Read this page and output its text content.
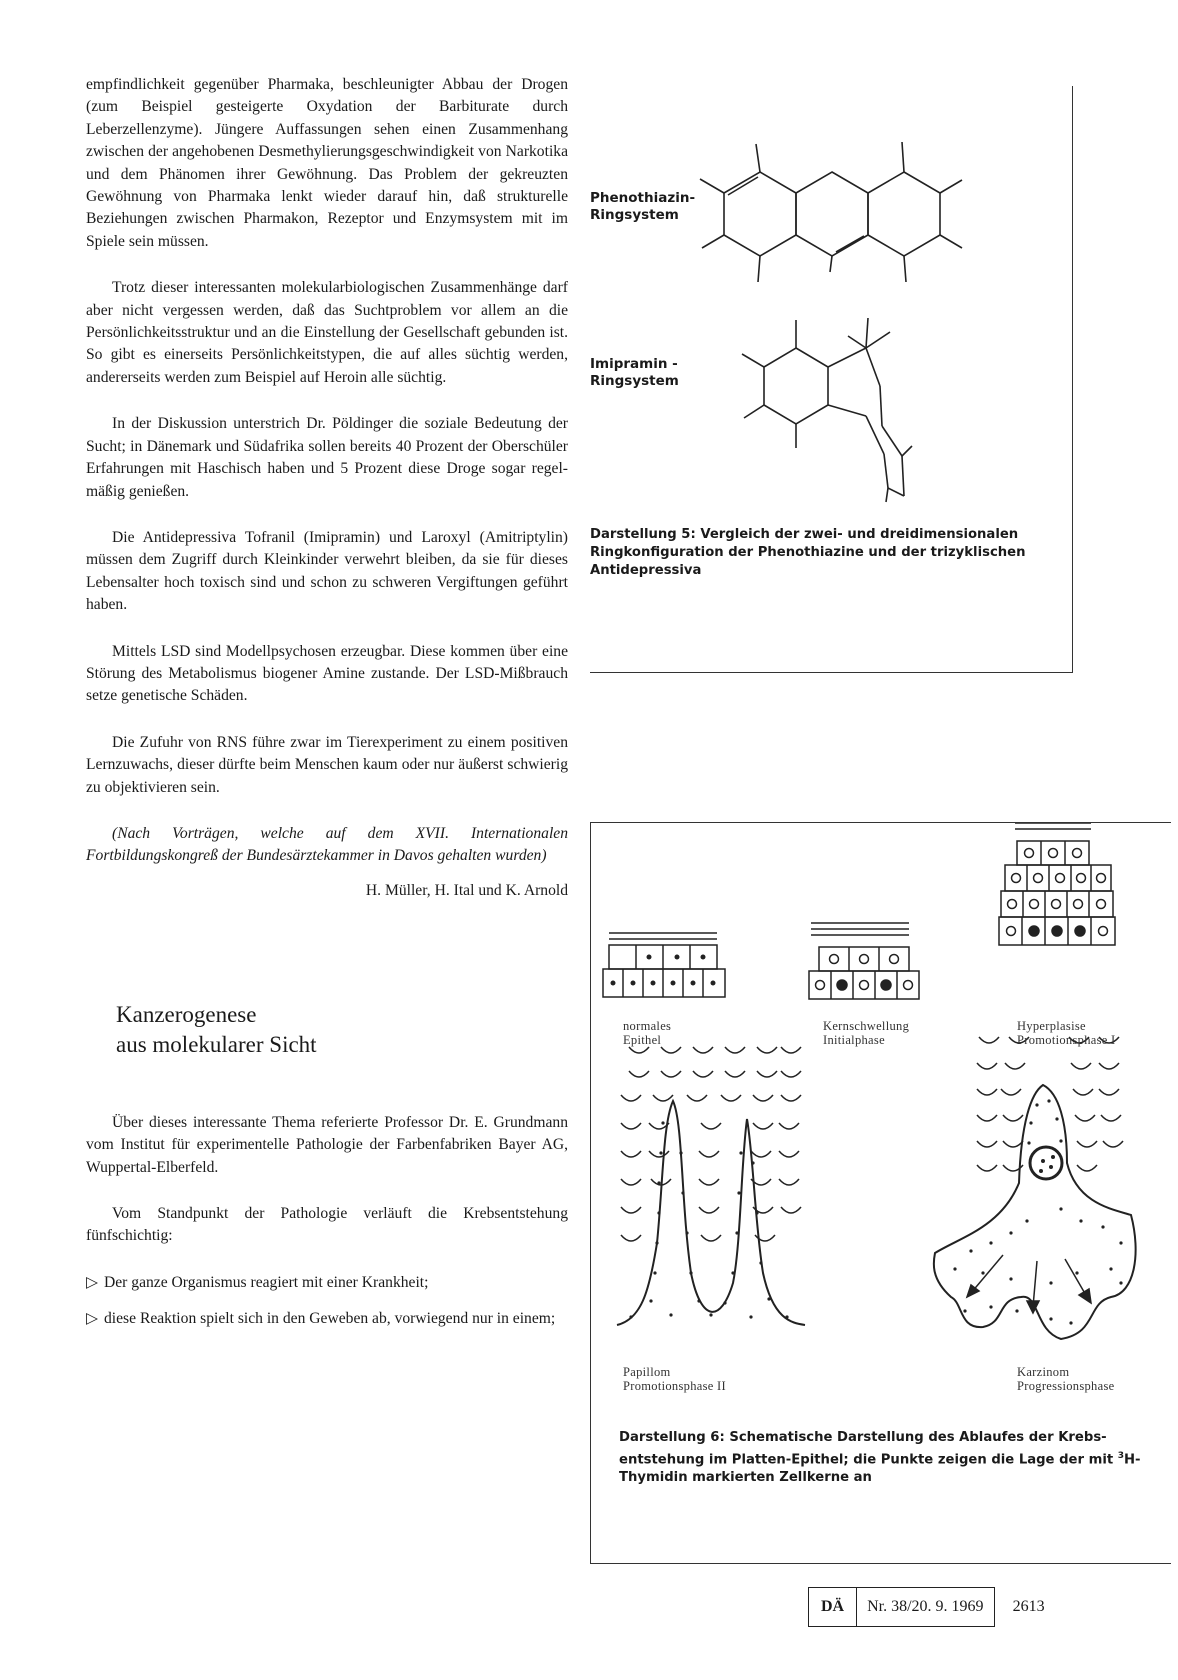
empfindlichkeit gegenüber Pharmaka, beschleunigter Abbau der Drogen (zum Beispiel gesteigerte Oxydation der Barbiturate durch Leberzellenzyme). Jüngere Auffassungen sehen einen Zusammenhang zwischen der angehobenen Desmethylierungsgeschwindigkeit von Narkotika und dem Phänomen ihrer Gewöhnung. Das Problem der gekreuzten Gewöhnung von Pharmaka lenkt wieder darauf hin, daß strukturelle Beziehungen zwischen Pharmakon, Rezeptor und Enzymsystem mit im Spiele sein müssen.

Trotz dieser interessanten molekularbiologischen Zusammenhänge darf aber nicht vergessen werden, daß das Suchtproblem vor allem an die Persönlichkeitsstruktur und an die Einstellung der Gesellschaft gebunden ist. So gibt es einerseits Persönlichkeitstypen, die auf alles süchtig werden, andererseits werden zum Beispiel auf Heroin alle süchtig.

In der Diskussion unterstrich Dr. Pöldinger die soziale Bedeutung der Sucht; in Dänemark und Südafrika sollen bereits 40 Prozent der Oberschüler Erfahrungen mit Haschisch haben und 5 Prozent diese Droge sogar regelmäßig genießen.

Die Antidepressiva Tofranil (Imipramin) und Laroxyl (Amitriptylin) müssen dem Zugriff durch Kleinkinder verwehrt bleiben, da sie für dieses Lebensalter hoch toxisch sind und schon zu schweren Vergiftungen geführt haben.

Mittels LSD sind Modellpsychosen erzeugbar. Diese kommen über eine Störung des Metabolismus biogener Amine zustande. Der LSD-Mißbrauch setze genetische Schäden.

Die Zufuhr von RNS führe zwar im Tierexperiment zu einem positiven Lernzuwachs, dieser dürfte beim Menschen kaum oder nur äußerst schwierig zu objektivieren sein.

(Nach Vorträgen, welche auf dem XVII. Internationalen Fortbildungskongreß der Bundesärztekammer in Davos gehalten wurden)

H. Müller, H. Ital und K. Arnold

Kanzerogenese
aus molekularer Sicht

Über dieses interessante Thema referierte Professor Dr. E. Grundmann vom Institut für experimentelle Pathologie der Farbenfabriken Bayer AG, Wuppertal-Elberfeld.

Vom Standpunkt der Pathologie verläuft die Krebsentstehung fünfschichtig:

▷ Der ganze Organismus reagiert mit einer Krankheit;

▷ diese Reaktion spielt sich in den Geweben ab, vorwiegend nur in einem;

Phenothiazin-
Ringsystem
Imipramin -
Ringsystem
Darstellung 5: Vergleich der zwei- und dreidimensionalen Ringkonfiguration der Phenothiazine und der trizyklischen Antidepressiva
normales
Epithel
Kernschwellung
Initialphase
Hyperplasise
Promotionsphase I
Papillom
Promotionsphase II
Karzinom
Progressionsphase
Darstellung 6: Schematische Darstellung des Ablaufes der Krebsentstehung im Platten-Epithel; die Punkte zeigen die Lage der mit $^3$H-Thymidin markierten Zellkerne an
DÄ	Nr. 38/20. 9. 1969	2613
